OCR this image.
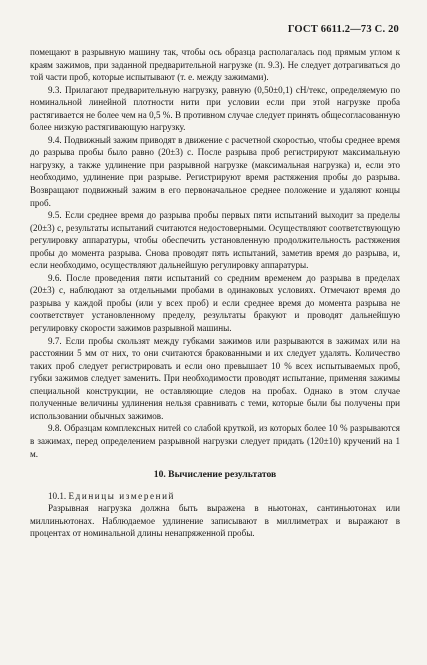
ГОСТ 6611.2—73 С. 20

помещают в разрывную машину так, чтобы ось образца располагалась под прямым углом к краям зажимов, при заданной предварительной нагрузке (п. 9.3). Не следует дотрагиваться до той части проб, которые испытывают (т. е. между зажимами).

9.3. Прилагают предварительную нагрузку, равную (0,50±0,1) сН/текс, определяемую по номинальной линейной плотности нити при условии если при этой нагрузке проба растягивается не более чем на 0,5 %. В противном случае следует принять общесогласованную более низкую растягивающую нагрузку.

9.4. Подвижный зажим приводят в движение с расчетной скоростью, чтобы среднее время до разрыва пробы было равно (20±3) с. После разрыва проб регистрируют максимальную нагрузку, а также удлинение при разрывной нагрузке (максимальная нагрузка) и, если это необходимо, удлинение при разрыве. Регистрируют время растяжения пробы до разрыва. Возвращают подвижный зажим в его первоначальное среднее положение и удаляют концы проб.

9.5. Если среднее время до разрыва пробы первых пяти испытаний выходит за пределы (20±3) с, результаты испытаний считаются недостоверными. Осуществляют соответствующую регулировку аппаратуры, чтобы обеспечить установленную продолжительность растяжения пробы до момента разрыва. Снова проводят пять испытаний, заметив время до разрыва, и, если необходимо, осуществляют дальнейшую регулировку аппаратуры.

9.6. После проведения пяти испытаний со средним временем до разрыва в пределах (20±3) с, наблюдают за отдельными пробами в одинаковых условиях. Отмечают время до разрыва у каждой пробы (или у всех проб) и если среднее время до момента разрыва не соответствует установленному пределу, результаты бракуют и проводят дальнейшую регулировку скорости зажимов разрывной машины.

9.7. Если пробы скользят между губками зажимов или разрываются в зажимах или на расстоянии 5 мм от них, то они считаются бракованными и их следует удалять. Количество таких проб следует регистрировать и если оно превышает 10 % всех испытываемых проб, губки зажимов следует заменить. При необходимости проводят испытание, применяя зажимы специальной конструкции, не оставляющие следов на пробах. Однако в этом случае полученные величины удлинения нельзя сравнивать с теми, которые были бы получены при использовании обычных зажимов.

9.8. Образцам комплексных нитей со слабой круткой, из которых более 10 % разрываются в зажимах, перед определением разрывной нагрузки следует придать (120±10) кручений на 1 м.

10. Вычисление результатов

10.1. Единицы измерений

Разрывная нагрузка должна быть выражена в ньютонах, сантиньютонах или миллиньютонах. Наблюдаемое удлинение записывают в миллиметрах и выражают в процентах от номинальной длины ненапряженной пробы.
